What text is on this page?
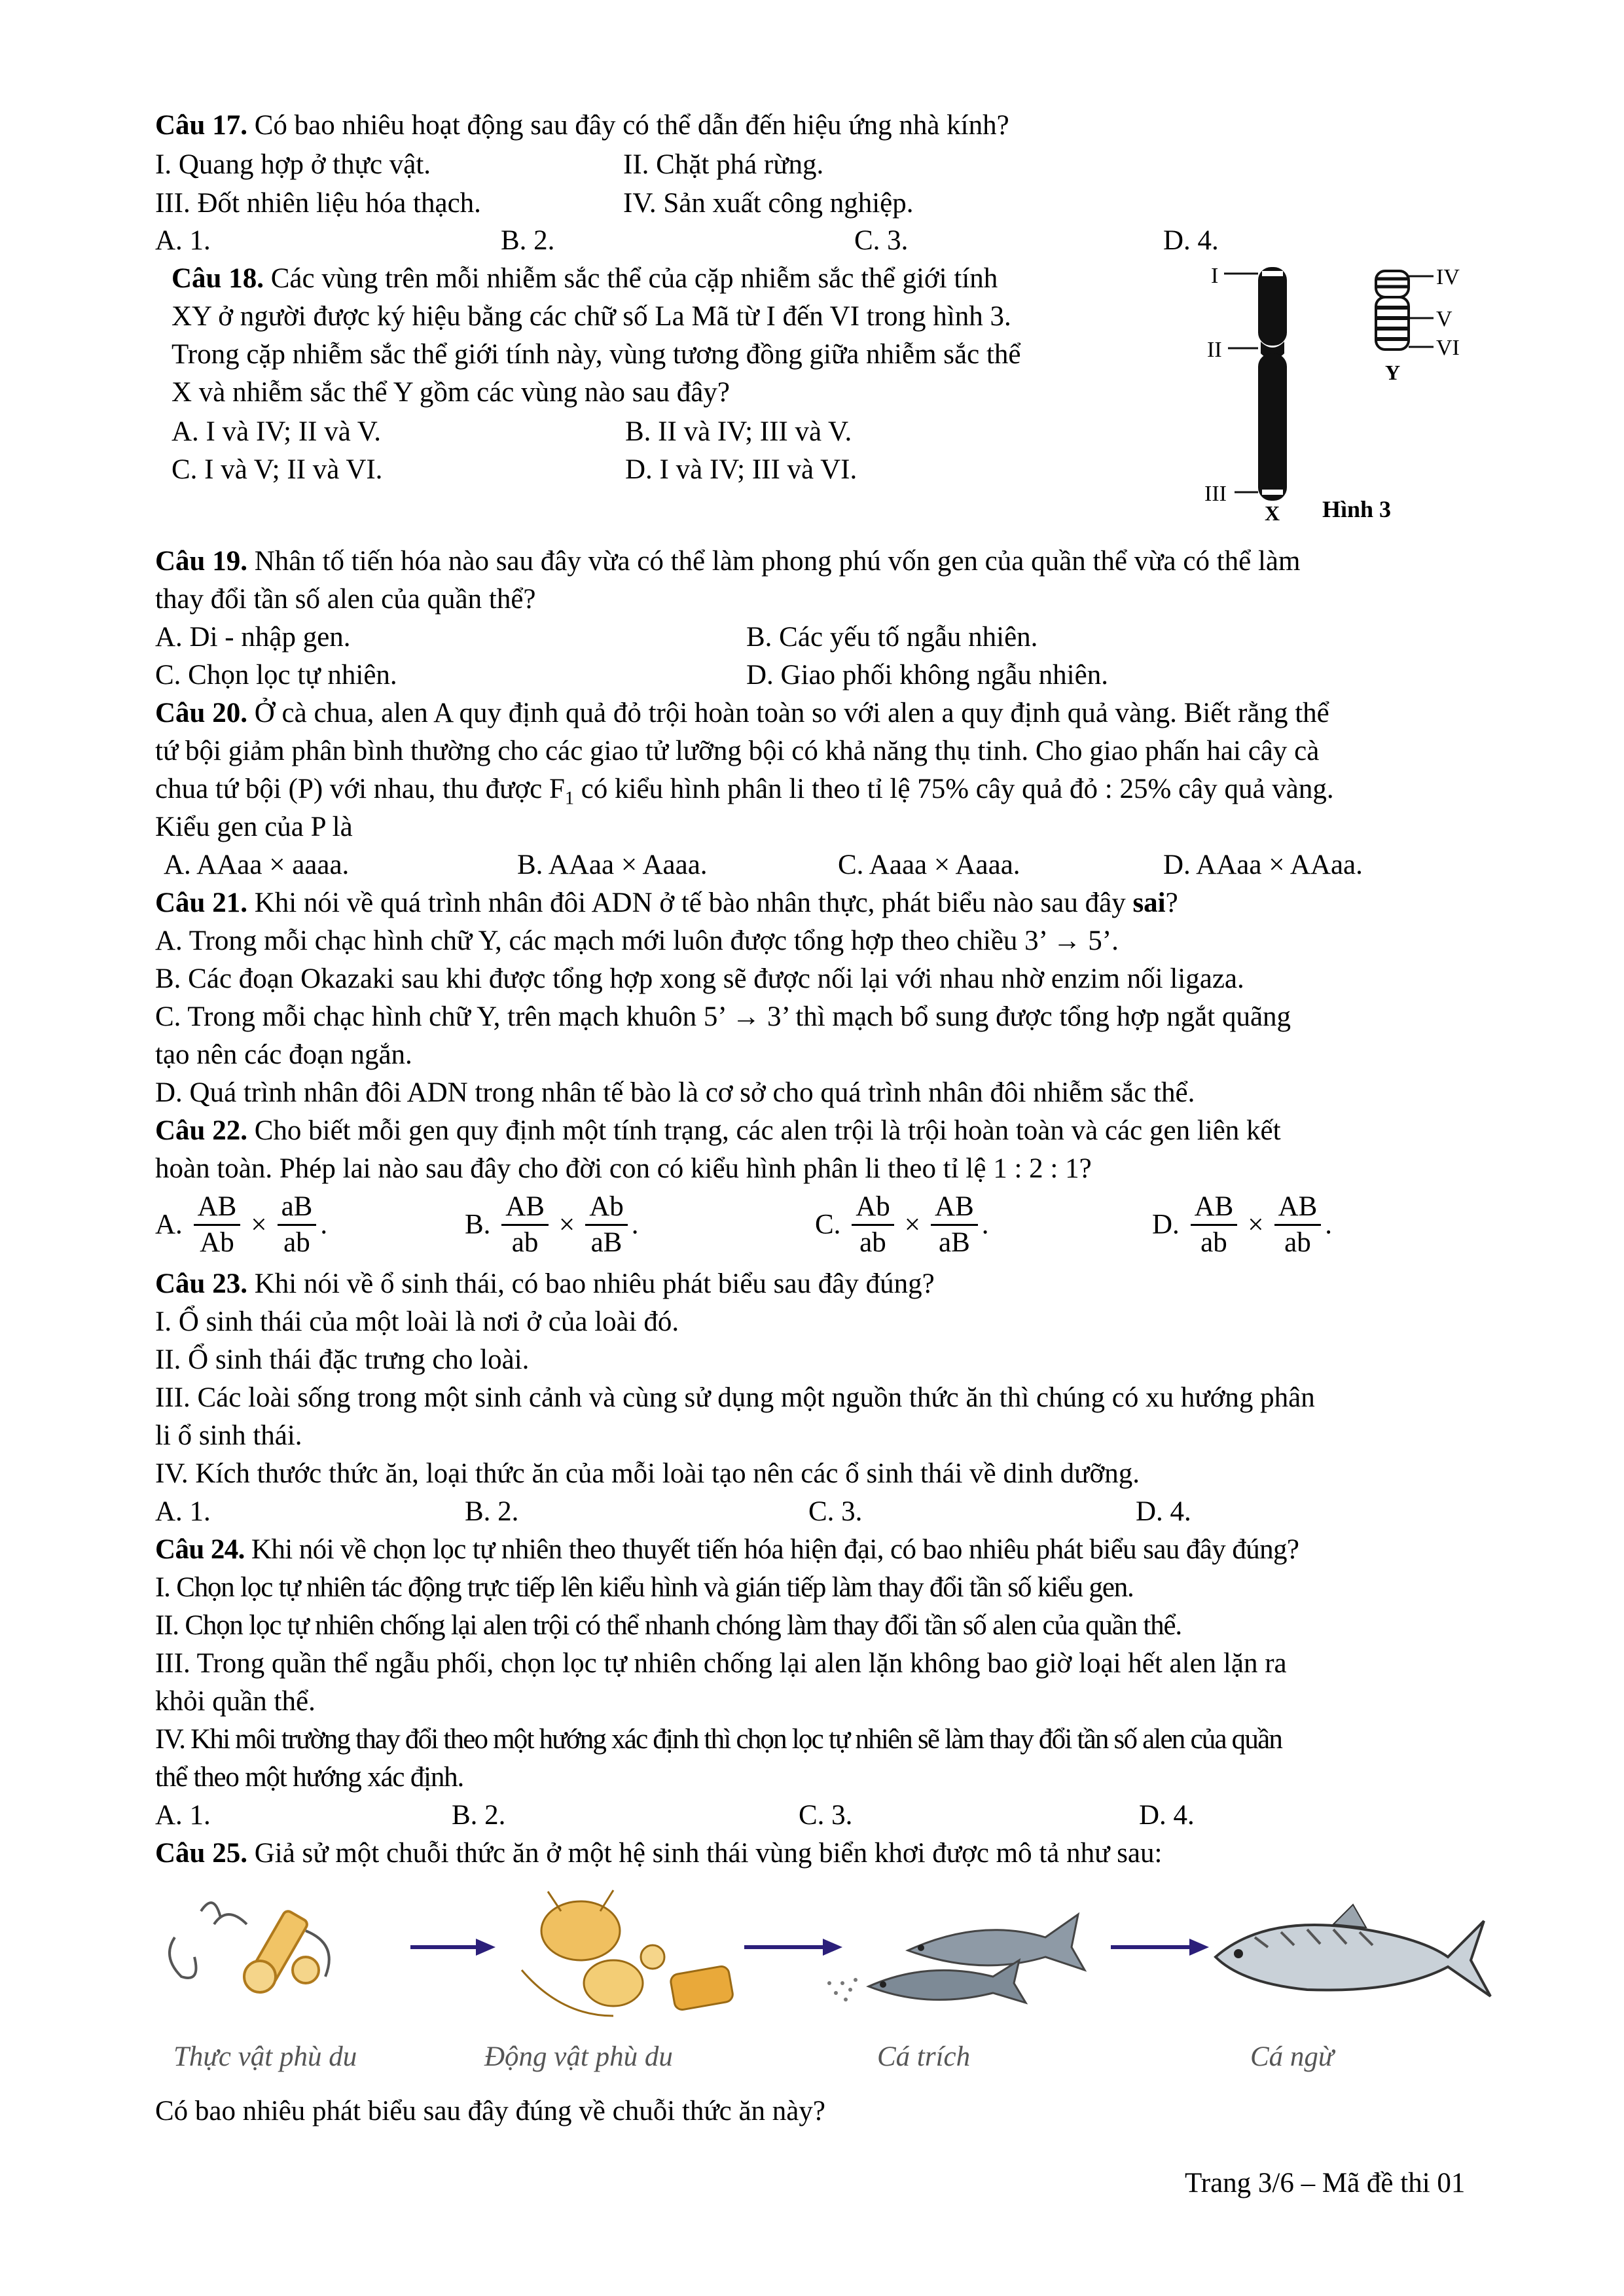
Câu 17. Có bao nhiêu hoạt động sau đây có thể dẫn đến hiệu ứng nhà kính?
I. Quang hợp ở thực vật.	II. Chặt phá rừng.
III. Đốt nhiên liệu hóa thạch.	IV. Sản xuất công nghiệp.
A. 1.	B. 2.	C. 3.	D. 4.
Câu 18. Các vùng trên mỗi nhiễm sắc thể của cặp nhiễm sắc thể giới tính
XY ở người được ký hiệu bằng các chữ số La Mã từ I đến VI trong hình 3.
Trong cặp nhiễm sắc thể giới tính này, vùng tương đồng giữa nhiễm sắc thể
X và nhiễm sắc thể Y gồm các vùng nào sau đây?
A. I và IV; II và V.	B. II và IV; III và V.
C. I và V; II và VI.	D. I và IV; III và VI.
I
II
III
IV
V
VI
X
Y
Hình 3
Câu 19. Nhân tố tiến hóa nào sau đây vừa có thể làm phong phú vốn gen của quần thể vừa có thể làm
thay đổi tần số alen của quần thể?
A. Di - nhập gen.	B. Các yếu tố ngẫu nhiên.
C. Chọn lọc tự nhiên.	D. Giao phối không ngẫu nhiên.
Câu 20. Ở cà chua, alen A quy định quả đỏ trội hoàn toàn so với alen a quy định quả vàng. Biết rằng thể
tứ bội giảm phân bình thường cho các giao tử lưỡng bội có khả năng thụ tinh. Cho giao phấn hai cây cà
chua tứ bội (P) với nhau, thu được $F_1$ có kiểu hình phân li theo tỉ lệ 75% cây quả đỏ : 25% cây quả vàng.
Kiểu gen của P là
A. AAaa × aaaa.	B. AAaa × Aaaa.	C. Aaaa × Aaaa.	D. AAaa × AAaa.
Câu 21. Khi nói về quá trình nhân đôi ADN ở tế bào nhân thực, phát biểu nào sau đây sai?
A. Trong mỗi chạc hình chữ Y, các mạch mới luôn được tổng hợp theo chiều 3’ → 5’.
B. Các đoạn Okazaki sau khi được tổng hợp xong sẽ được nối lại với nhau nhờ enzim nối ligaza.
C. Trong mỗi chạc hình chữ Y, trên mạch khuôn 5’ → 3’ thì mạch bổ sung được tổng hợp ngắt quãng
tạo nên các đoạn ngắn.
D. Quá trình nhân đôi ADN trong nhân tế bào là cơ sở cho quá trình nhân đôi nhiễm sắc thể.
Câu 22. Cho biết mỗi gen quy định một tính trạng, các alen trội là trội hoàn toàn và các gen liên kết
hoàn toàn. Phép lai nào sau đây cho đời con có kiểu hình phân li theo tỉ lệ 1 : 2 : 1?
A. $\frac{AB}{Ab} \times \frac{aB}{ab}$ .	B. $\frac{AB}{ab} \times \frac{Ab}{aB}$ .	C. $\frac{Ab}{ab} \times \frac{AB}{aB}$ .	D. $\frac{AB}{ab} \times \frac{AB}{ab}$ .
Câu 23. Khi nói về ổ sinh thái, có bao nhiêu phát biểu sau đây đúng?
I. Ổ sinh thái của một loài là nơi ở của loài đó.
II. Ổ sinh thái đặc trưng cho loài.
III. Các loài sống trong một sinh cảnh và cùng sử dụng một nguồn thức ăn thì chúng có xu hướng phân
li ổ sinh thái.
IV. Kích thước thức ăn, loại thức ăn của mỗi loài tạo nên các ổ sinh thái về dinh dưỡng.
A. 1.	B. 2.	C. 3.	D. 4.
Câu 24. Khi nói về chọn lọc tự nhiên theo thuyết tiến hóa hiện đại, có bao nhiêu phát biểu sau đây đúng?
I. Chọn lọc tự nhiên tác động trực tiếp lên kiểu hình và gián tiếp làm thay đổi tần số kiểu gen.
II. Chọn lọc tự nhiên chống lại alen trội có thể nhanh chóng làm thay đổi tần số alen của quần thể.
III. Trong quần thể ngẫu phối, chọn lọc tự nhiên chống lại alen lặn không bao giờ loại hết alen lặn ra
khỏi quần thể.
IV. Khi môi trường thay đổi theo một hướng xác định thì chọn lọc tự nhiên sẽ làm thay đổi tần số alen của quần
thể theo một hướng xác định.
A. 1.	B. 2.	C. 3.	D. 4.
Câu 25. Giả sử một chuỗi thức ăn ở một hệ sinh thái vùng biển khơi được mô tả như sau:
Thực vật phù du	Động vật phù du	Cá trích	Cá ngừ
Có bao nhiêu phát biểu sau đây đúng về chuỗi thức ăn này?
Trang 3/6 – Mã đề thi 01
